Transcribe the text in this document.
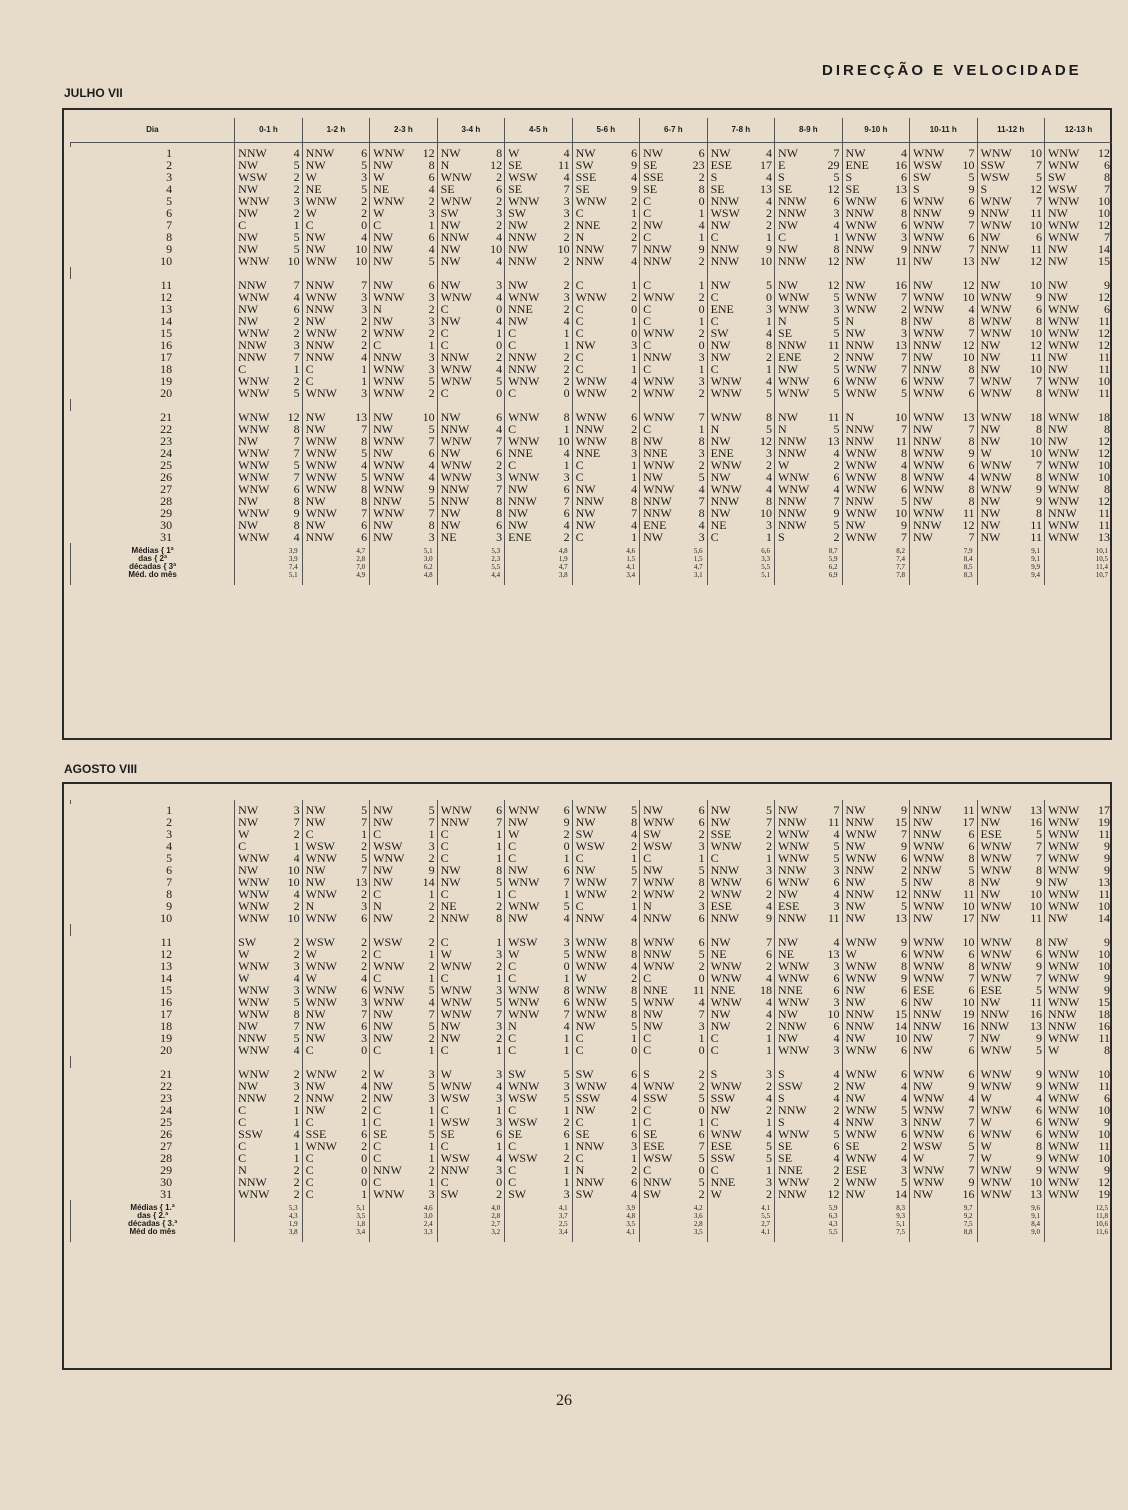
DIRECÇÃO E VELOCIDADE
JULHO VII
Dia	0-1 h	1-2 h	2-3 h	3-4 h	4-5 h	5-6 h	6-7 h	7-8 h	8-9 h	9-10 h	10-11 h	11-12 h	12-13 h

1	NNW 4	NNW 6	WNW 12	NW 8	W 4	NW 6	NW 6	NW 4	NW 7	NW 4	WNW 7	WNW 10	WNW 12

2	NW 5	NW 5	NW 8	N 12	SE 11	SW 9	SE 23	ESE 17	E 29	ENE 16	WSW 10	SSW 7	WNW 6

3	WSW 2	W 3	W 6	WNW 2	WSW 4	SSE 4	SSE 2	S 4	S 5	S 6	SW 5	WSW 5	SW 8

4	NW 2	NE 5	NE 4	SE 6	SE 7	SE 9	SE 8	SE 13	SE 12	SE 13	S 9	S 12	WSW 7

5	WNW 3	WNW 2	WNW 2	WNW 2	WNW 3	WNW 2	C 0	NNW 4	NNW 6	WNW 6	WNW 6	WNW 7	WNW 10

6	NW 2	W 2	W 3	SW 3	SW 3	C 1	C 1	WSW 2	NNW 3	NNW 8	NNW 9	NNW 11	NW 10

7	C 1	C 0	C 1	NW 2	NW 2	NNE 2	NW 4	NW 2	NW 4	WNW 6	WNW 7	WNW 10	WNW 12

8	NW 5	NW 4	NW 6	NNW 4	NNW 2	N 2	C 1	C 1	C 1	WNW 3	WNW 6	NW 6	WNW 7

9	NW 5	NW 10	NW 4	NW 10	NW 10	NNW 7	NNW 9	NNW 9	NW 8	NNW 9	NNW 7	NNW 11	NW 14

10	WNW 10	WNW 10	NW 5	NW 4	NNW 2	NNW 4	NNW 2	NNW 10	NNW 12	NW 11	NW 13	NW 12	NW 15

11	NNW 7	NNW 7	NW 6	NW 3	NW 2	C 1	C 1	NW 5	NW 12	NW 16	NW 12	NW 10	NW 9

12	WNW 4	WNW 3	WNW 3	WNW 4	WNW 3	WNW 2	WNW 2	C 0	WNW 5	WNW 7	WNW 10	WNW 9	NW 12

13	NW 6	NNW 3	N 2	C 0	NNE 2	C 0	C 0	ENE 3	WNW 3	WNW 2	WNW 4	WNW 6	WNW 6

14	NW 2	NW 2	NW 3	NW 4	NW 4	C 1	C 1	C 1	N 5	N 8	NW 8	WNW 8	WNW 11

15	WNW 2	WNW 2	WNW 2	C 1	C 1	C 0	WNW 2	SW 4	SE 5	NW 3	WNW 7	WNW 10	WNW 12

16	NNW 3	NNW 2	C 1	C 0	C 1	NW 3	C 0	NW 8	NNW 11	NNW 13	NNW 12	NW 12	WNW 12

17	NNW 7	NNW 4	NNW 3	NNW 2	NNW 2	C 1	NNW 3	NW 2	ENE 2	NNW 7	NW 10	NW 11	NW 11

18	C 1	C 1	WNW 3	WNW 4	NNW 2	C 1	C 1	C 1	NW 5	WNW 7	NNW 8	NW 10	NW 11

19	WNW 2	C 1	WNW 5	WNW 5	WNW 2	WNW 4	WNW 3	WNW 4	WNW 6	WNW 6	WNW 7	WNW 7	WNW 10

20	WNW 5	WNW 3	WNW 2	C 0	C 0	WNW 2	WNW 2	WNW 5	WNW 5	WNW 5	WNW 6	WNW 8	WNW 11

21	WNW 12	NW 13	NW 10	NW 6	WNW 8	WNW 6	WNW 7	WNW 8	NW 11	N 10	WNW 13	WNW 18	WNW 18

22	WNW 8	NW 7	NW 5	NNW 4	C 1	NNW 2	C 1	N 5	N 5	NNW 7	NW 7	NW 8	NW 8

23	NW 7	WNW 8	WNW 7	WNW 7	WNW 10	WNW 8	NW 8	NW 12	NNW 13	NNW 11	NNW 8	NW 10	NW 12

24	WNW 7	WNW 5	NW 6	NW 6	NNE 4	NNE 3	NNE 3	ENE 3	NNW 4	WNW 8	WNW 9	W 10	WNW 12

25	WNW 5	WNW 4	WNW 4	WNW 2	C 1	C 1	WNW 2	WNW 2	W 2	WNW 4	WNW 6	WNW 7	WNW 10

26	WNW 7	WNW 5	WNW 4	WNW 3	WNW 3	C 1	NW 5	NW 4	WNW 6	WNW 8	WNW 4	WNW 8	WNW 10

27	WNW 6	WNW 8	WNW 9	NNW 7	NW 6	NW 4	WNW 4	WNW 4	WNW 4	WNW 6	WNW 8	WNW 9	WNW 8

28	NW 8	NW 8	NNW 5	NNW 8	NNW 7	NNW 8	NNW 7	NNW 8	NNW 7	NNW 5	NW 8	NW 9	WNW 12

29	WNW 9	WNW 7	WNW 7	NW 8	NW 6	NW 7	NNW 8	NW 10	NNW 9	WNW 10	WNW 11	NW 8	NNW 11

30	NW 8	NW 6	NW 8	NW 6	NW 4	NW 4	ENE 4	NE 3	NNW 5	NW 9	NNW 12	NW 11	WNW 11

31	WNW 4	NNW 6	NW 3	NE 3	ENE 2	C 1	NW 3	C 1	S 2	WNW 7	NW 7	NW 11	WNW 13

Médias { 1ª	3,9	4,7	5,1	5,3	4,8	4,6	5,6	6,6	8,7	8,2	7,9	9,1	10,1
das { 2ª	3,9	2,8	3,0	2,3	1,9	1,5	1,5	3,3	5,9	7,4	8,4	9,1	10,5
décadas { 3ª	7,4	7,0	6,2	5,5	4,7	4,1	4,7	5,5	6,2	7,7	8,5	9,9	11,4
Méd. do mês	5,1	4,9	4,8	4,4	3,8	3,4	3,1	5,1	6,9	7,8	8,3	9,4	10,7
AGOSTO VIII

1	NW 3	NW 5	NW 5	WNW 6	WNW 6	WNW 5	NW 6	NW 5	NW 7	NW 9	NNW 11	WNW 13	WNW 17

2	NW 7	NW 7	NW 7	NNW 7	NW 9	NW 8	WNW 6	NW 7	NNW 11	NNW 15	NW 17	NW 16	WNW 19

3	W 2	C 1	C 1	C 1	W 2	SW 4	SW 2	SSE 2	WNW 4	WNW 7	NNW 6	ESE 5	WNW 11

4	C 1	WSW 2	WSW 3	C 1	C 0	WSW 2	WSW 3	WNW 2	WNW 5	NW 9	WNW 6	WNW 7	WNW 9

5	WNW 4	WNW 5	WNW 2	C 1	C 1	C 1	C 1	C 1	WNW 5	WNW 6	WNW 8	WNW 7	WNW 9

6	NW 10	NW 7	NW 9	NW 8	NW 6	NW 5	NW 5	NNW 3	NNW 3	NNW 2	NNW 5	WNW 8	WNW 9

7	WNW 10	NW 13	NW 14	NW 5	WNW 7	WNW 7	WNW 8	WNW 6	WNW 6	NW 5	NW 8	NW 9	NW 13

8	WNW 4	WNW 2	C 1	C 1	C 1	WNW 2	WNW 2	WNW 2	NW 4	NNW 12	NNW 11	NW 10	WNW 11

9	WNW 2	N 3	N 2	NE 2	WNW 5	C 1	N 3	ESE 4	ESE 3	NW 5	WNW 10	WNW 10	WNW 10

10	WNW 10	WNW 6	NW 2	NNW 8	NW 4	NNW 4	NNW 6	NNW 9	NNW 11	NW 13	NW 17	NW 11	NW 14

11	SW 2	WSW 2	WSW 2	C 1	WSW 3	WNW 8	WNW 6	NW 7	NW 4	WNW 9	WNW 10	WNW 8	NW 9

12	W 2	W 2	C 1	W 3	W 5	WNW 8	NNW 5	NE 6	NE 13	W 6	WNW 6	WNW 6	WNW 10

13	WNW 3	WNW 2	WNW 2	WNW 2	C 0	WNW 4	WNW 2	WNW 2	WNW 3	WNW 8	WNW 8	WNW 9	WNW 10

14	W 4	W 4	C 1	C 1	C 1	W 2	C 0	WNW 4	WNW 6	WNW 9	WNW 7	WNW 7	WNW 9

15	WNW 3	WNW 6	WNW 5	WNW 3	WNW 8	WNW 8	NNE 11	NNE 18	NNE 6	NW 6	ESE 6	ESE 5	WNW 9

16	WNW 5	WNW 3	WNW 4	WNW 5	WNW 6	WNW 5	WNW 4	WNW 4	WNW 3	NW 6	NW 10	NW 11	WNW 15

17	WNW 8	NW 7	NW 7	WNW 7	WNW 7	WNW 8	NW 7	NW 4	NW 10	NNW 15	NNW 19	NNW 16	NNW 18

18	NW 7	NW 6	NW 5	NW 3	N 4	NW 5	NW 3	NW 2	NNW 6	NNW 14	NNW 16	NNW 13	NNW 16

19	NNW 5	NW 3	NW 2	NW 2	C 1	C 1	C 1	C 1	NW 4	NW 10	NW 7	NW 9	WNW 11

20	WNW 4	C 0	C 1	C 1	C 1	C 0	C 0	C 1	WNW 3	WNW 6	NW 6	WNW 5	W 8

21	WNW 2	WNW 2	W 3	W 3	SW 5	SW 6	S 2	S 3	S 4	WNW 6	WNW 6	WNW 9	WNW 10

22	NW 3	NW 4	NW 5	WNW 4	WNW 3	WNW 4	WNW 2	WNW 2	SSW 2	NW 4	NW 9	WNW 9	WNW 11

23	NNW 2	NNW 2	NW 3	WSW 3	WSW 5	SSW 4	SSW 5	SSW 4	S 4	NW 4	WNW 4	W 4	WNW 6

24	C 1	NW 2	C 1	C 1	C 1	NW 2	C 0	NW 2	NNW 2	WNW 5	WNW 7	WNW 6	WNW 10

25	C 1	C 1	C 1	WSW 3	WSW 2	C 1	C 1	C 1	S 4	NNW 3	NNW 7	W 6	WNW 9

26	SSW 4	SSE 6	SE 5	SE 6	SE 6	SE 6	SE 6	WNW 4	WNW 5	WNW 6	WNW 6	WNW 6	WNW 10

27	C 1	WNW 2	C 1	C 1	C 1	NNW 3	ESE 7	ESE 5	SE 6	SE 2	WSW 5	W 8	WNW 11

28	C 1	C 0	C 1	WSW 4	WSW 2	C 1	WSW 5	SSW 5	SE 4	WNW 4	W 7	W 9	WNW 10

29	N 2	C 0	NNW 2	NNW 3	C 1	N 2	C 0	C 1	NNE 2	ESE 3	WNW 7	WNW 9	WNW 9

30	NNW 2	C 0	C 1	C 0	C 1	NNW 6	NNW 5	NNE 3	WNW 2	WNW 5	WNW 9	WNW 10	WNW 12

31	WNW 2	C 1	WNW 3	SW 2	SW 3	SW 4	SW 2	W 2	NNW 12	NW 14	NW 16	WNW 13	WNW 19

Médias { 1.ª	5,3	5,1	4,6	4,0	4,1	3,9	4,2	4,1	5,9	8,3	9,7	9,6	12,5
das { 2.ª	4,3	3,5	3,0	2,8	3,7	4,8	3,6	5,5	6,3	9,3	9,2	9,1	11,8
décadas { 3.ª	1,9	1,8	2,4	2,7	2,5	3,5	2,8	2,7	4,3	5,1	7,5	8,4	10,6
Méd do mês	3,8	3,4	3,3	3,2	3,4	4,1	3,5	4,1	5,5	7,5	8,8	9,0	11,6
26
